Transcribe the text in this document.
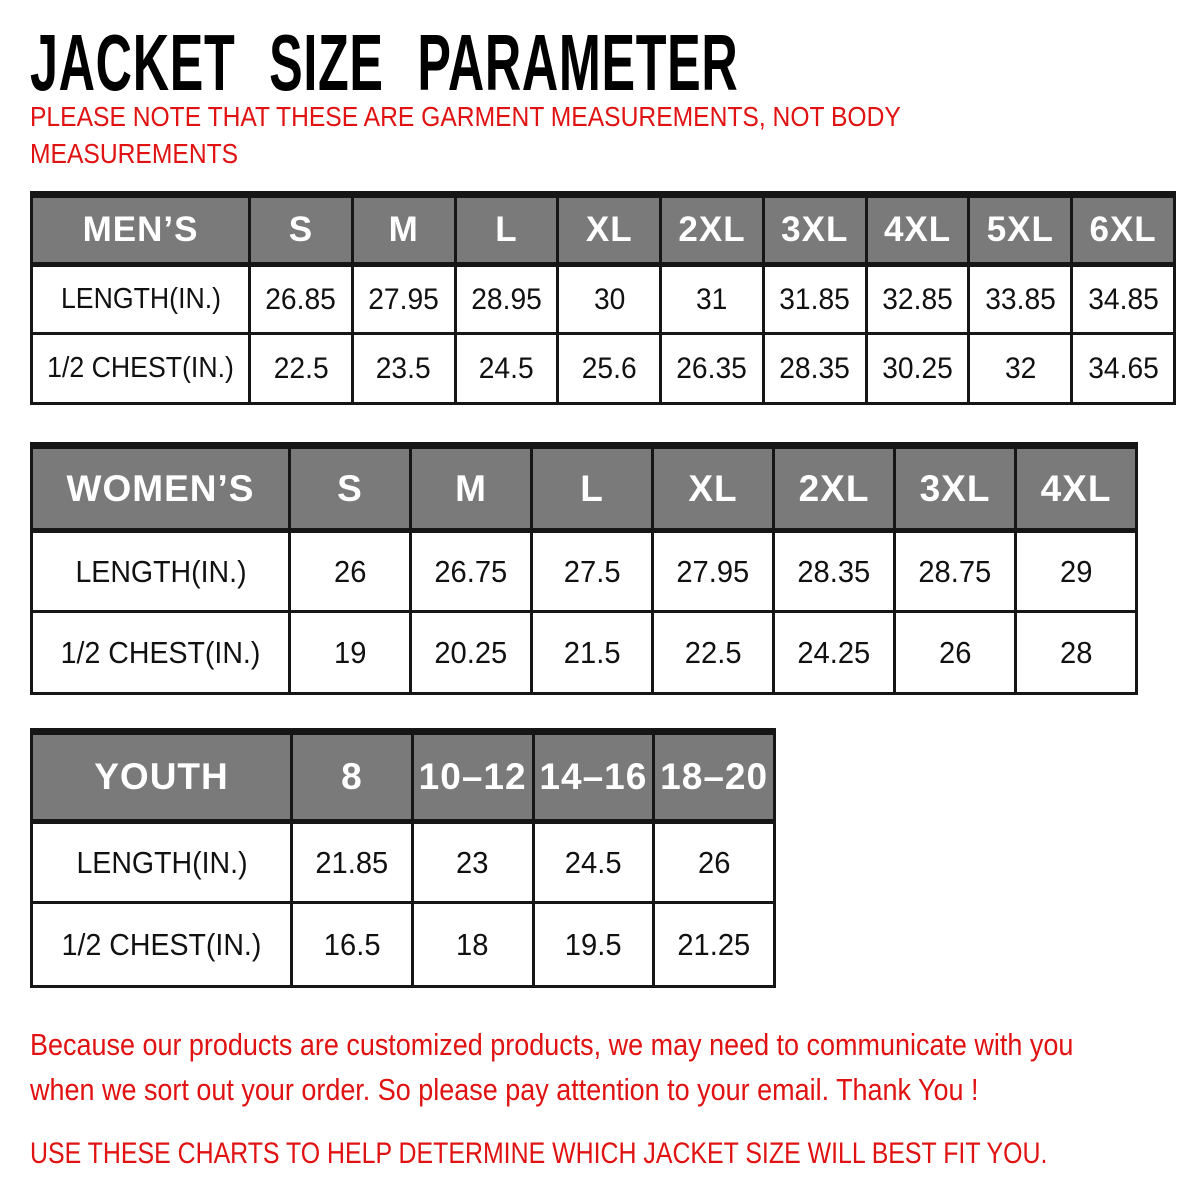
JACKET SIZE PARAMETER
PLEASE NOTE THAT THESE ARE GARMENT MEASUREMENTS, NOT BODY
MEASUREMENTS
MEN’S	S M L XL 2XL 3XL 4XL 5XL 6XL
LENGTH(IN.) 26.85 27.95 28.95 30 31 31.85 32.85 33.85 34.85
1/2 CHEST(IN.) 22.5 23.5 24.5 25.6 26.35 28.35 30.25 32 34.65
WOMEN’S S M	L XL 2XL 3XL 4XL
LENGTH(IN.)	26 26.75 27.5 27.95 28.35 28.75 29
1/2 CHEST(IN.) 19 20.25 21.5 22.5 24.25 26	28
YOUTH	8 10–12 14–16 18–20
LENGTH(IN.) 21.85 23 24.5 26
1/2 CHEST(IN.) 16.5 18 19.5 21.25
Because our products are customized products, we may need to communicate with you
when we sort out your order. So please pay attention to your email. Thank You !
USE THESE CHARTS TO HELP DETERMINE WHICH JACKET SIZE WILL BEST FIT YOU.
